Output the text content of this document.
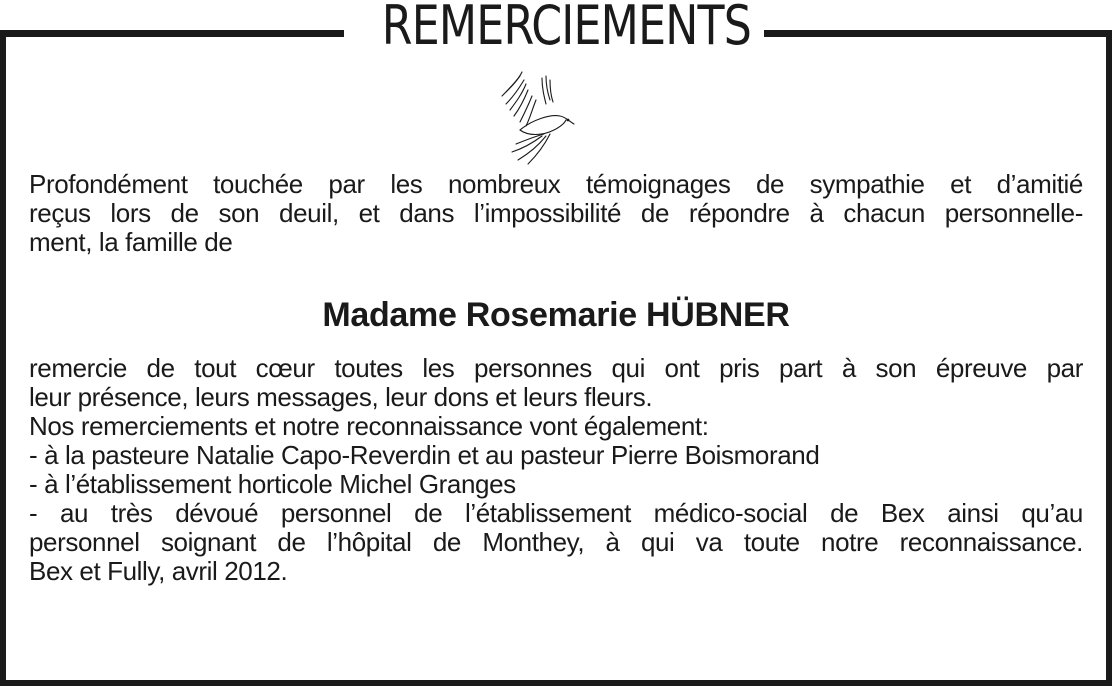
REMERCIEMENTS
Profondément touchée par les nombreux témoignages de sympathie et d’amitié
reçus lors de son deuil, et dans l’impossibilité de répondre à chacun personnelle-
ment, la famille de
Madame Rosemarie HÜBNER
remercie de tout cœur toutes les personnes qui ont pris part à son épreuve par
leur présence, leurs messages, leur dons et leurs fleurs.
Nos remerciements et notre reconnaissance vont également:
- à la pasteure Natalie Capo-Reverdin et au pasteur Pierre Boismorand
- à l’établissement horticole Michel Granges
- au très dévoué personnel de l’établissement médico-social de Bex ainsi qu’au
personnel soignant de l’hôpital de Monthey, à qui va toute notre reconnaissance.
Bex et Fully, avril 2012.
